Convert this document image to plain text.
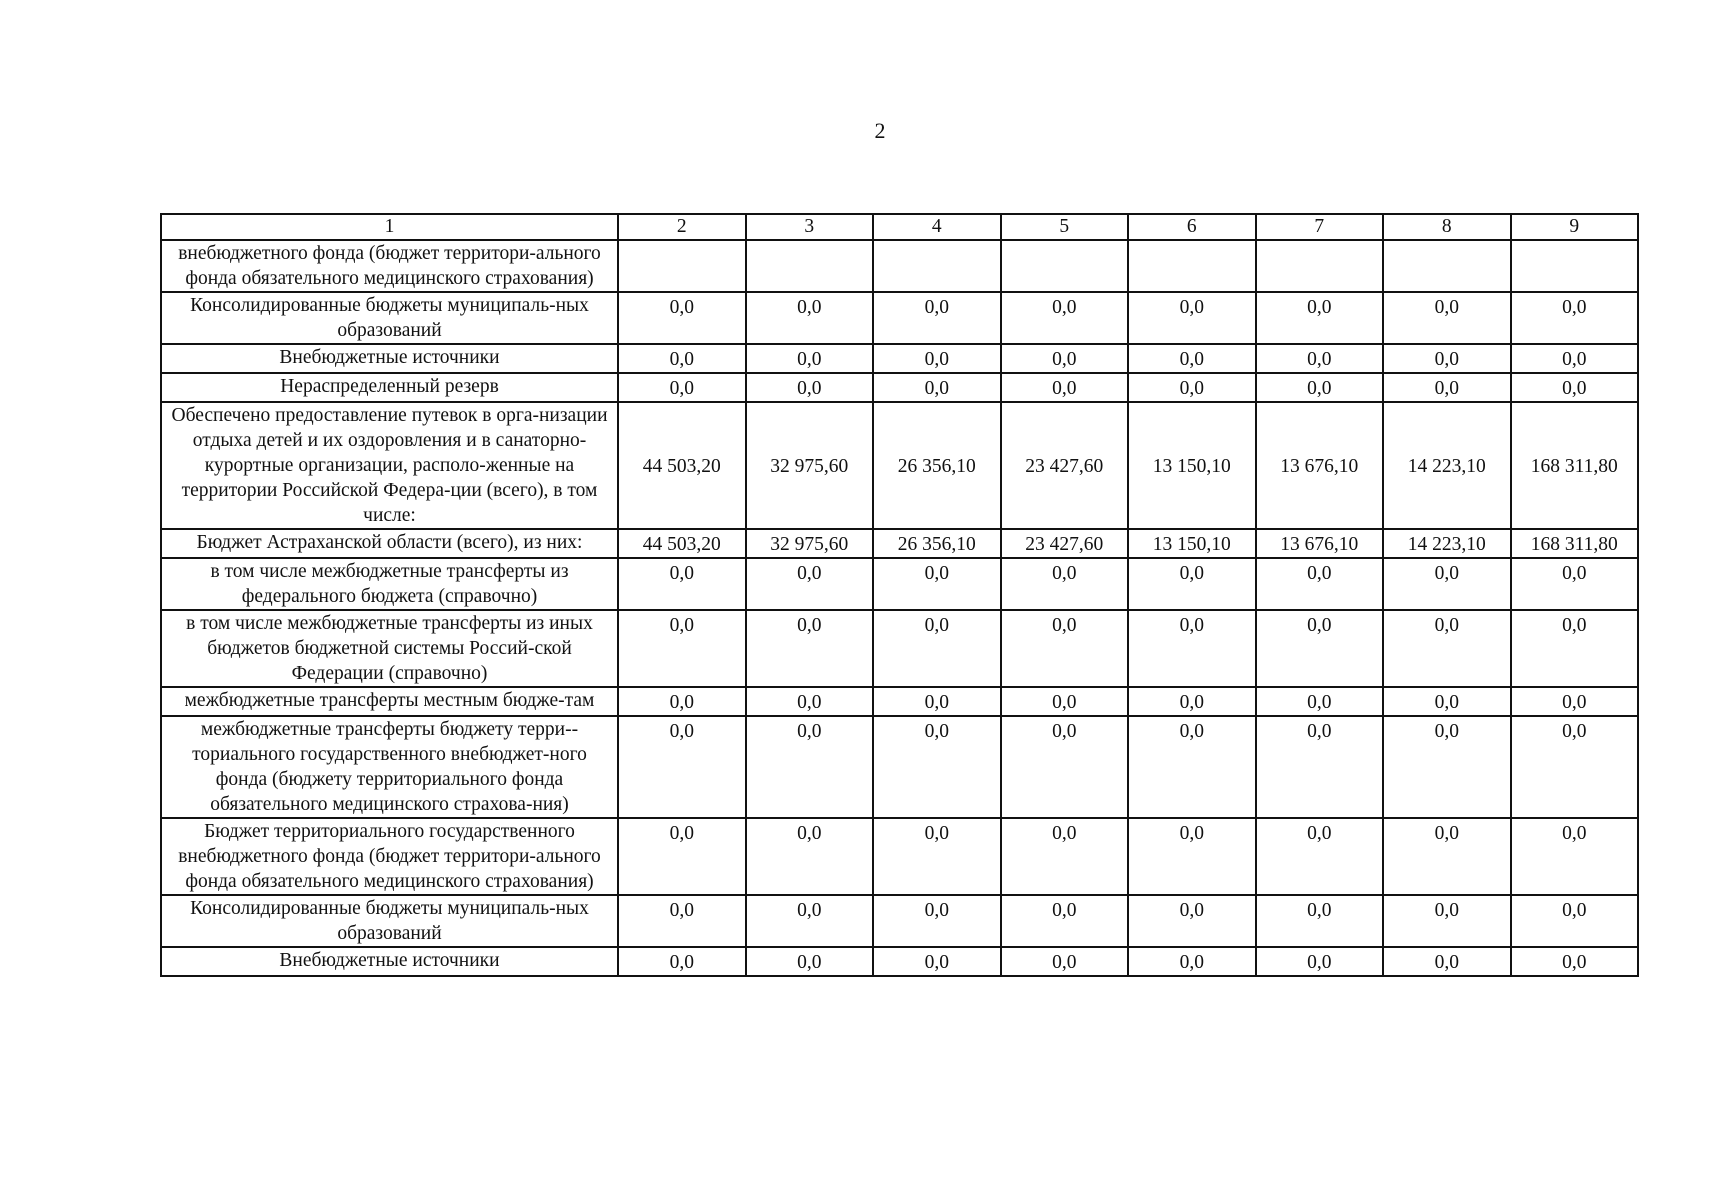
2
1	2	3	4	5	6	7	8	9
внебюджетного фонда (бюджет территори-ального фонда обязательного медицинского страхования)								
Консолидированные бюджеты муниципаль-ных образований	0,0	0,0	0,0	0,0	0,0	0,0	0,0	0,0
Внебюджетные источники	0,0	0,0	0,0	0,0	0,0	0,0	0,0	0,0
Нераспределенный резерв	0,0	0,0	0,0	0,0	0,0	0,0	0,0	0,0
Обеспечено предоставление путевок в орга-низации отдыха детей и их оздоровления и в санаторно-курортные организации, располо-женные на территории Российской Федера-ции (всего), в том числе:	44 503,20	32 975,60	26 356,10	23 427,60	13 150,10	13 676,10	14 223,10	168 311,80
Бюджет Астраханской области (всего), из них:	44 503,20	32 975,60	26 356,10	23 427,60	13 150,10	13 676,10	14 223,10	168 311,80
в том числе межбюджетные трансферты из федерального бюджета (справочно)	0,0	0,0	0,0	0,0	0,0	0,0	0,0	0,0
в том числе межбюджетные трансферты из иных бюджетов бюджетной системы Россий-ской Федерации (справочно)	0,0	0,0	0,0	0,0	0,0	0,0	0,0	0,0
межбюджетные трансферты местным бюдже-там	0,0	0,0	0,0	0,0	0,0	0,0	0,0	0,0
межбюджетные трансферты бюджету терри-ториального государственного внебюджет-ного фонда (бюджету территориального фонда обязательного медицинского страхова-ния)	0,0	0,0	0,0	0,0	0,0	0,0	0,0	0,0
Бюджет территориального государственного внебюджетного фонда (бюджет территори-ального фонда обязательного медицинского страхования)	0,0	0,0	0,0	0,0	0,0	0,0	0,0	0,0
Консолидированные бюджеты муниципаль-ных образований	0,0	0,0	0,0	0,0	0,0	0,0	0,0	0,0
Внебюджетные источники	0,0	0,0	0,0	0,0	0,0	0,0	0,0	0,0
